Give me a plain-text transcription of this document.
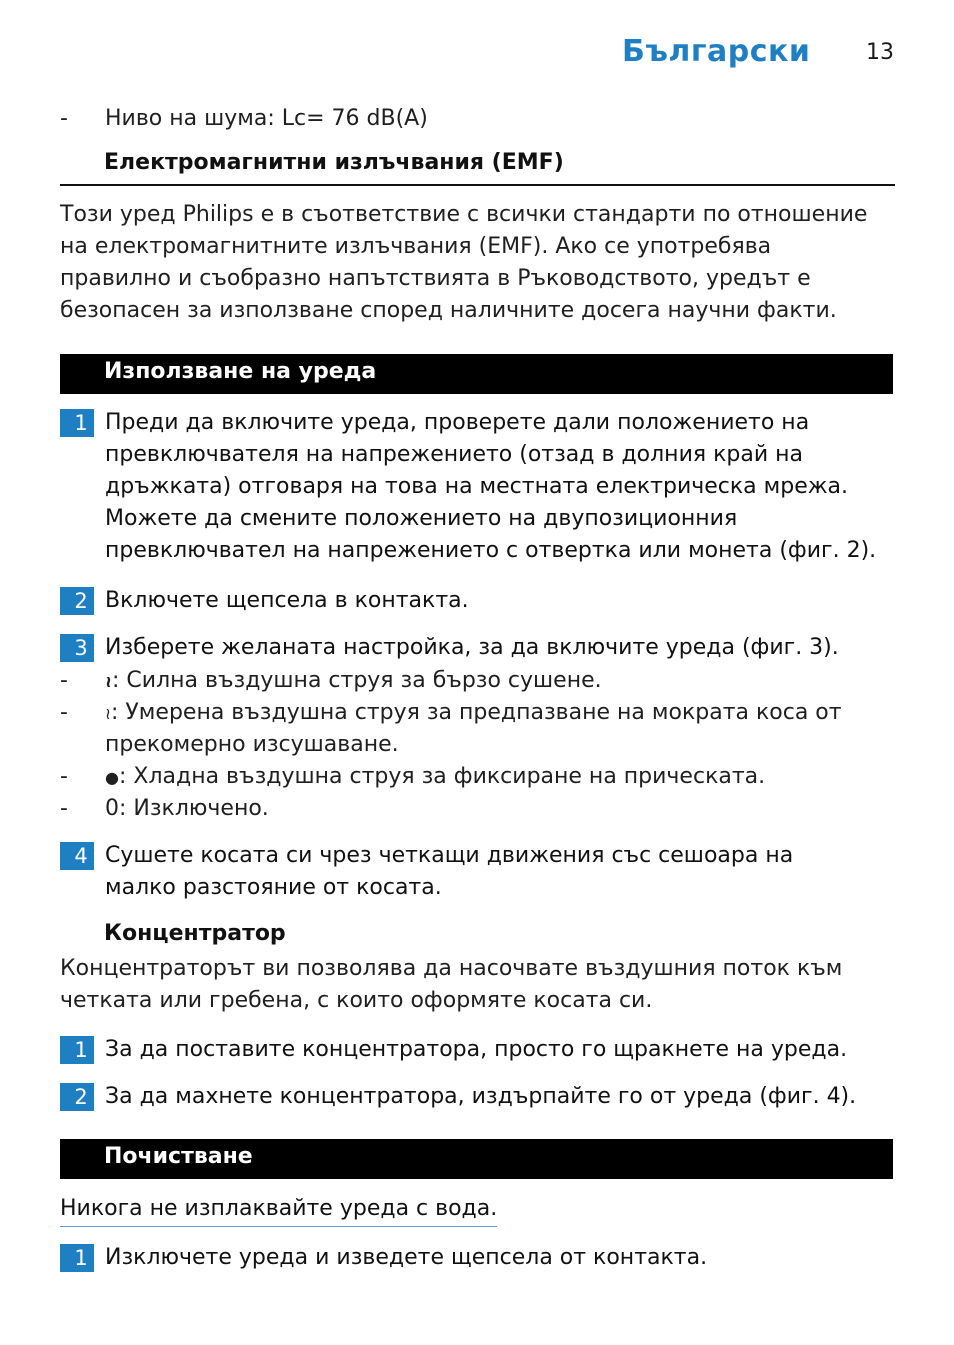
Български	13
- Ниво на шума: Lc= 76 dB(A)
Електромагнитни излъчвания (EMF)
Този уред Philips е в съответствие с всички стандарти по отношение
на електромагнитните излъчвания (EMF). Ако се употребява
правилно и съобразно напътствията в Ръководството, уредът е
безопасен за използване според наличните досега научни факти.
Използване на уреда
1 Преди да включите уреда, проверете дали положението на
превключвателя на напрежението (отзад в долния край на
дръжката) отговаря на това на местната електрическа мрежа.
Можете да смените положението на двупозиционния
превключвател на напрежението с отвертка или монета (фиг. 2).
2 Включете щепсела в контакта.
3 Изберете желаната настройка, за да включите уреда (фиг. 3).
- ≀≀ : Силна въздушна струя за бързо сушене.
- ≀: Умерена въздушна струя за предпазване на мократа коса от
прекомерно изсушаване.
- ●: Хладна въздушна струя за фиксиране на прическата.
- 0: Изключено.
4 Сушете косата си чрез четкащи движения със сешоара на
малко разстояние от косата.
Концентратор
Концентраторът ви позволява да насочвате въздушния поток към
четката или гребена, с които оформяте косата си.
1 За да поставите концентратора, просто го щракнете на уреда.
2 За да махнете концентратора, издърпайте го от уреда (фиг. 4).
Почистване
Никога не изплаквайте уреда с вода.
1 Изключете уреда и изведете щепсела от контакта.
